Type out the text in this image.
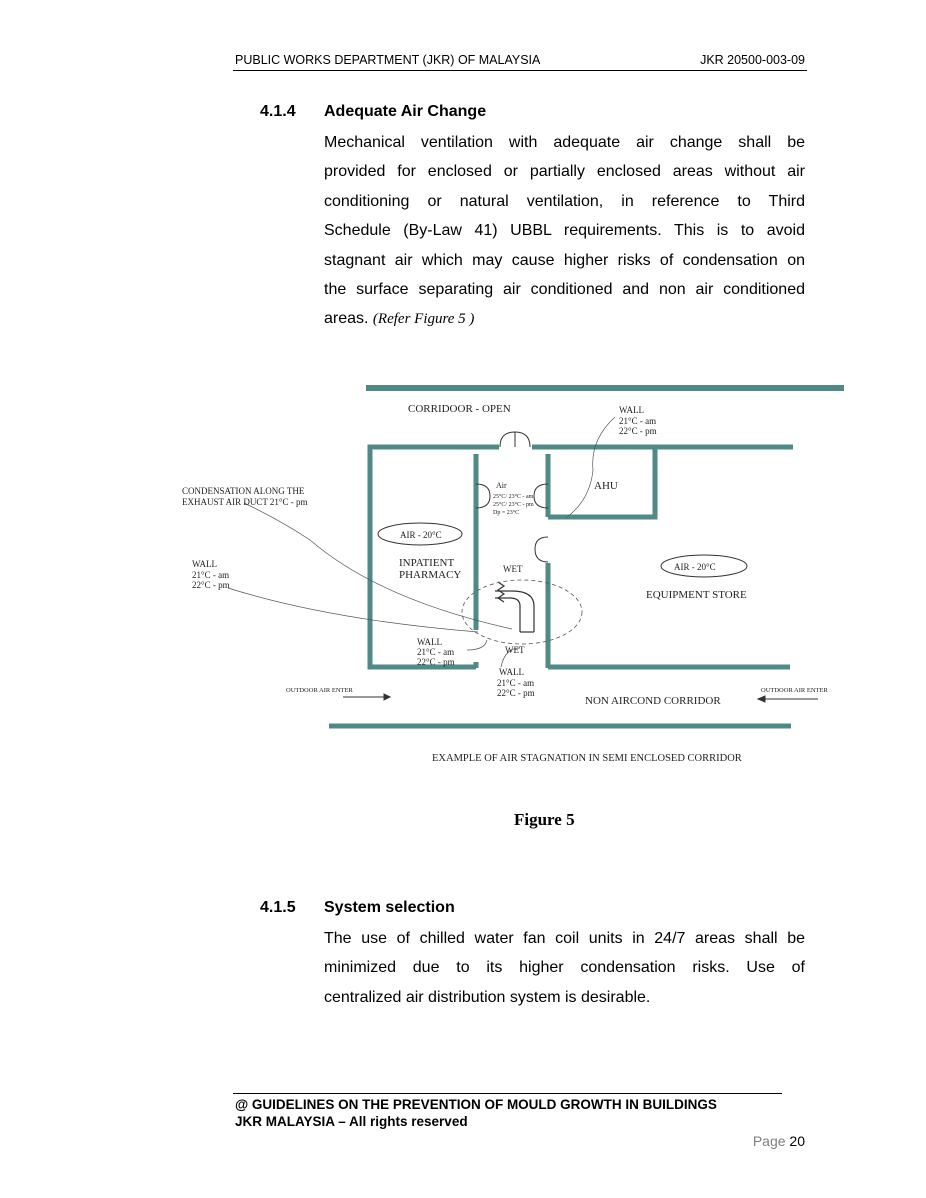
PUBLIC WORKS DEPARTMENT (JKR) OF MALAYSIA	JKR 20500-003-09
4.1.4 Adequate Air Change
Mechanical ventilation with adequate air change shall be
provided for enclosed or partially enclosed areas without air
conditioning or natural ventilation, in reference to Third
Schedule (By-Law 41) UBBL requirements. This is to avoid
stagnant air which may cause higher risks of condensation on
the surface separating air conditioned and non air conditioned
areas. (Refer Figure 5 )
CORRIDOOR - OPEN	WALL
21°C - am
22°C - pm
CONDENSATION ALONG THE
EXHAUST AIR DUCT 21°C - pm
WALL
21°C - am
22°C - pm
Air
25°C/ 23°C - am
25°C/ 23°C - pm
Dp = 23°C
AHU
AIR - 20°C
AIR - 20°C
INPATIENT
PHARMACY	WET
WET
EQUIPMENT STORE
WALL
21°C - am
22°C - pm
WALL
21°C - am
22°C - pm
OUTDOOR AIR ENTER	OUTDOOR AIR ENTER
NON AIRCOND CORRIDOR
EXAMPLE OF AIR STAGNATION IN SEMI ENCLOSED CORRIDOR
Figure 5
4.1.5 System selection
The use of chilled water fan coil units in 24/7 areas shall be
minimized due to its higher condensation risks. Use of
centralized air distribution system is desirable.
@ GUIDELINES ON THE PREVENTION OF MOULD GROWTH IN BUILDINGS
JKR MALAYSIA – All rights reserved
Page 20
